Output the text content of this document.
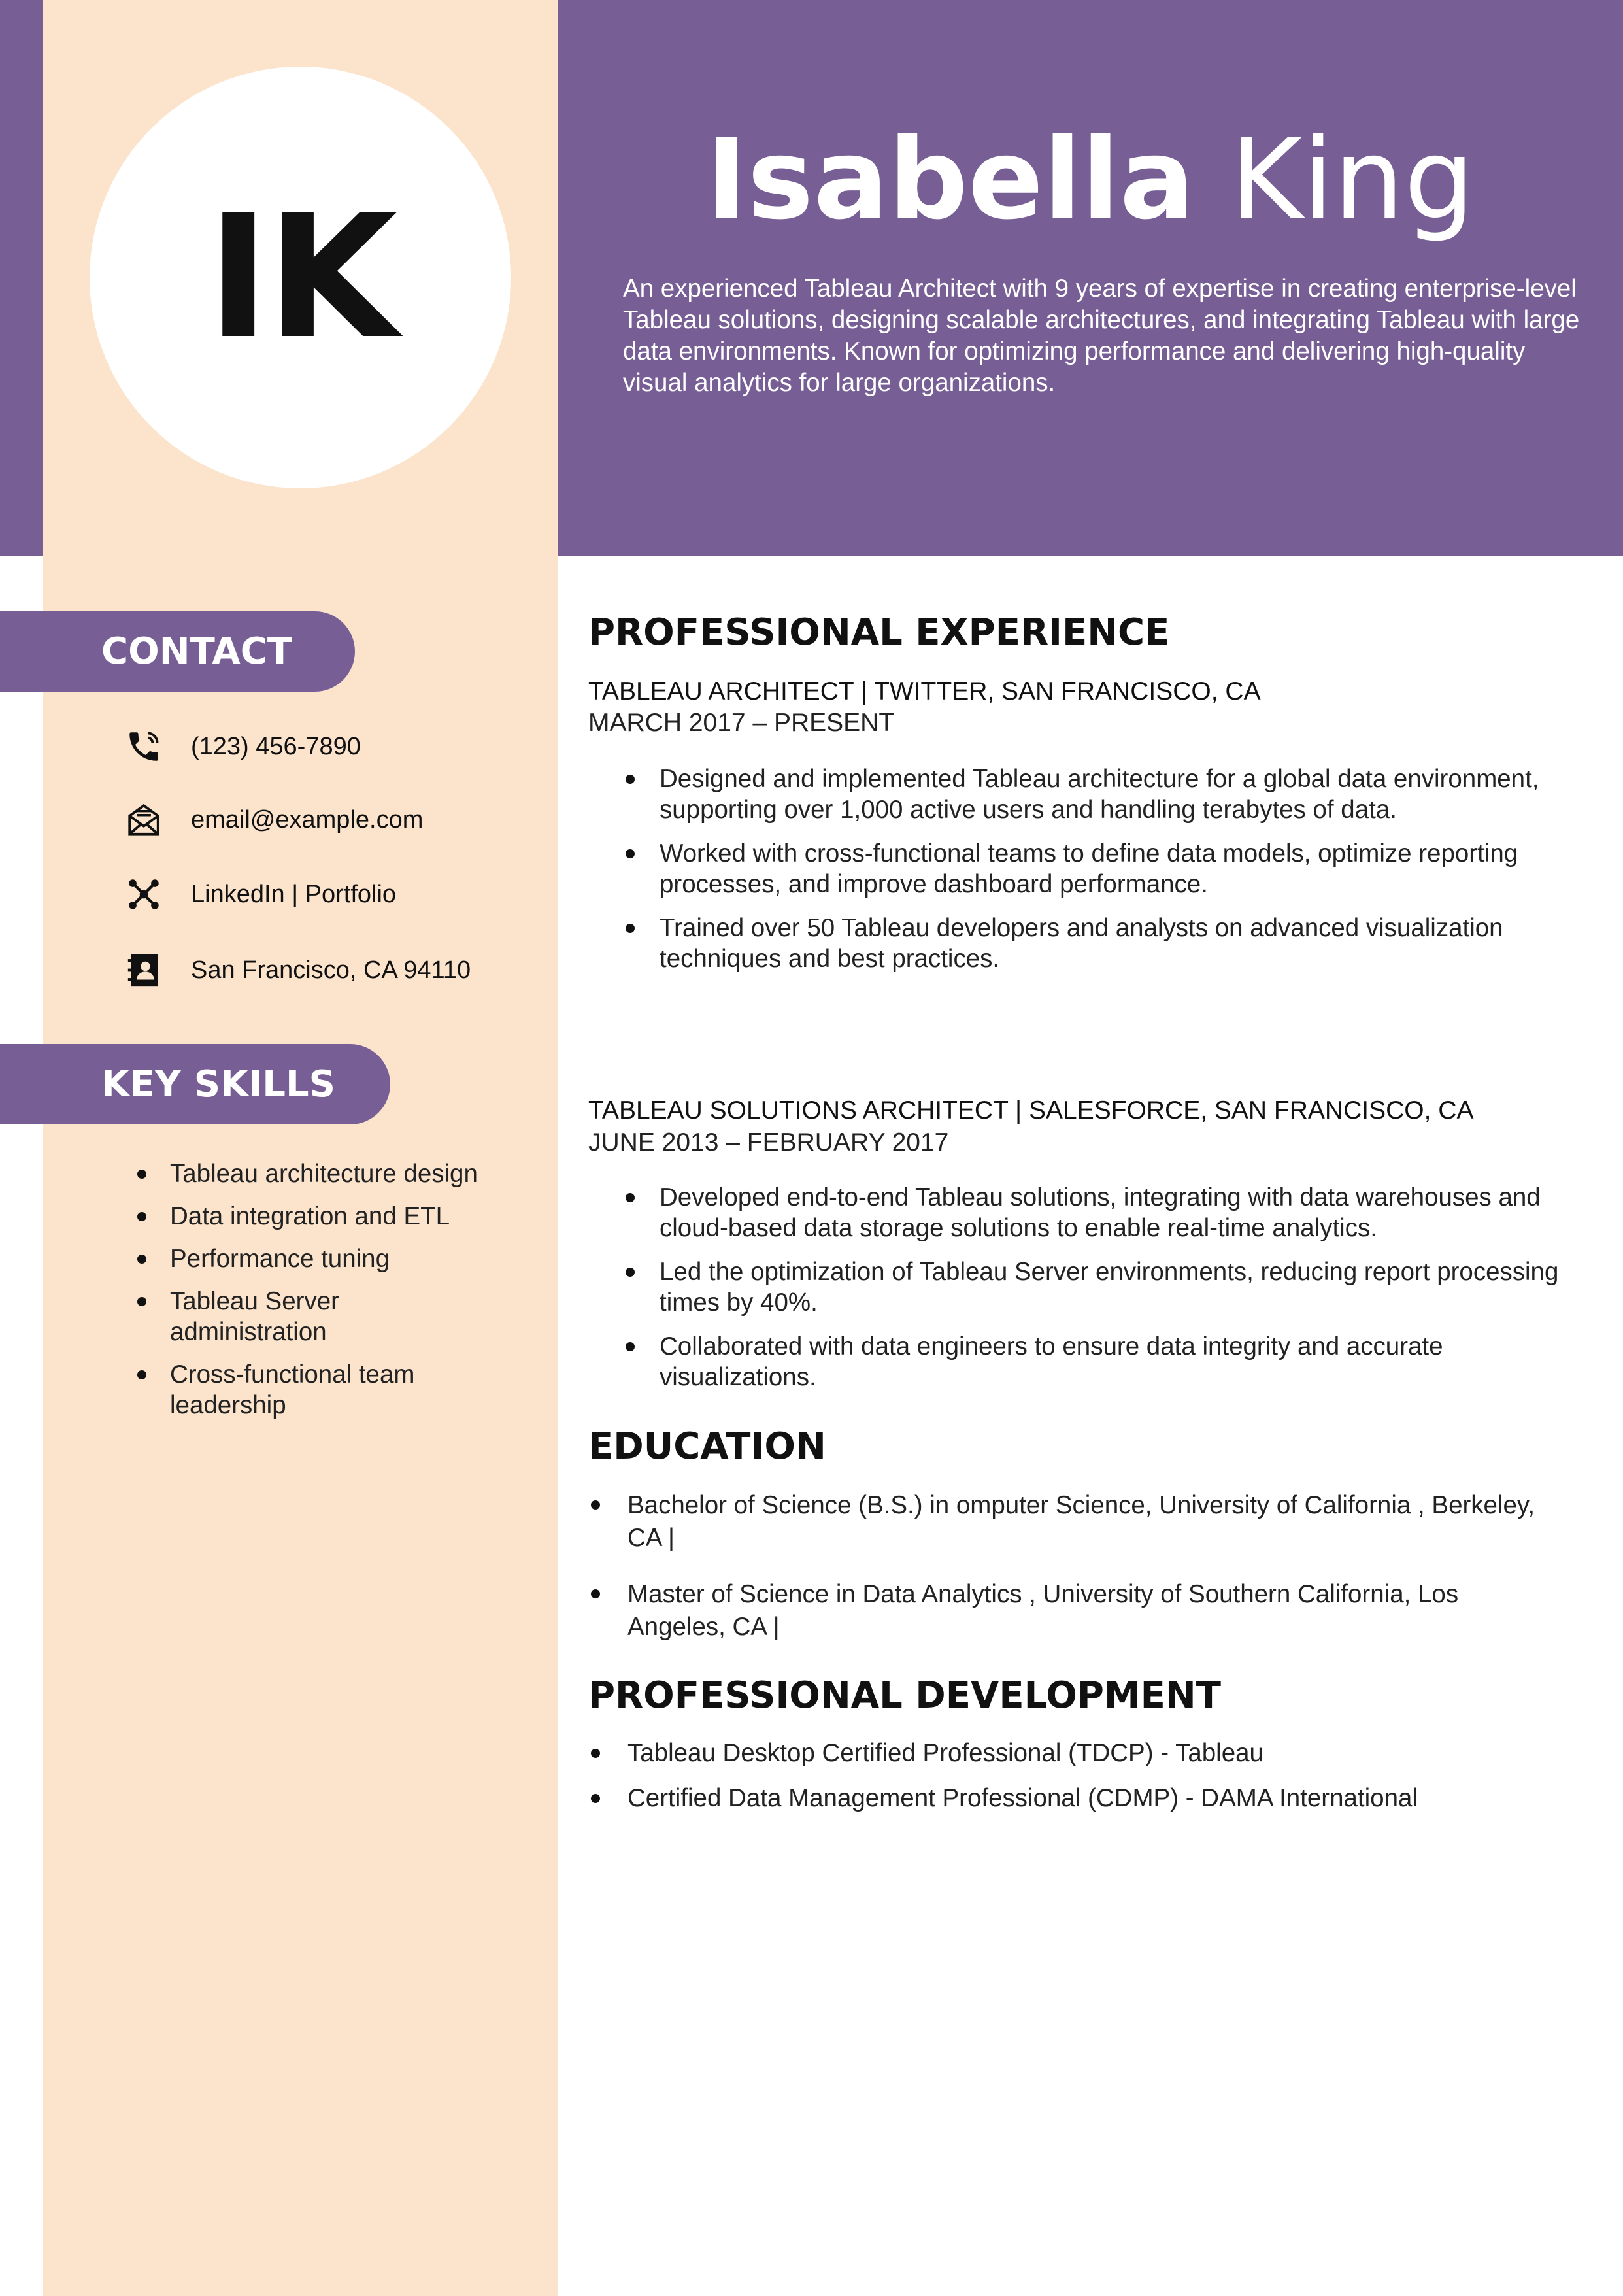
IK	Isabella King
An experienced Tableau Architect with 9 years of expertise in creating enterprise-level Tableau solutions, designing scalable architectures, and integrating Tableau with large data environments. Known for optimizing performance and delivering high-quality visual analytics for large organizations.
CONTACT
(123) 456-7890
email@example.com
LinkedIn | Portfolio
San Francisco, CA 94110
KEY SKILLS
Tableau architecture design
Data integration and ETL
Performance tuning
Tableau Server administration
Cross-functional team leadership
PROFESSIONAL EXPERIENCE
TABLEAU ARCHITECT | TWITTER, SAN FRANCISCO, CA
MARCH 2017 – PRESENT
Designed and implemented Tableau architecture for a global data environment, supporting over 1,000 active users and handling terabytes of data.
Worked with cross-functional teams to define data models, optimize reporting processes, and improve dashboard performance.
Trained over 50 Tableau developers and analysts on advanced visualization techniques and best practices.
TABLEAU SOLUTIONS ARCHITECT | SALESFORCE, SAN FRANCISCO, CA
JUNE 2013 – FEBRUARY 2017
Developed end-to-end Tableau solutions, integrating with data warehouses and cloud-based data storage solutions to enable real-time analytics.
Led the optimization of Tableau Server environments, reducing report processing times by 40%.
Collaborated with data engineers to ensure data integrity and accurate visualizations.
EDUCATION
Bachelor of Science (B.S.) in omputer Science, University of California , Berkeley, CA |
Master of Science in Data Analytics , University of Southern California, Los Angeles, CA |
PROFESSIONAL DEVELOPMENT
Tableau Desktop Certified Professional (TDCP) - Tableau
Certified Data Management Professional (CDMP) - DAMA International
